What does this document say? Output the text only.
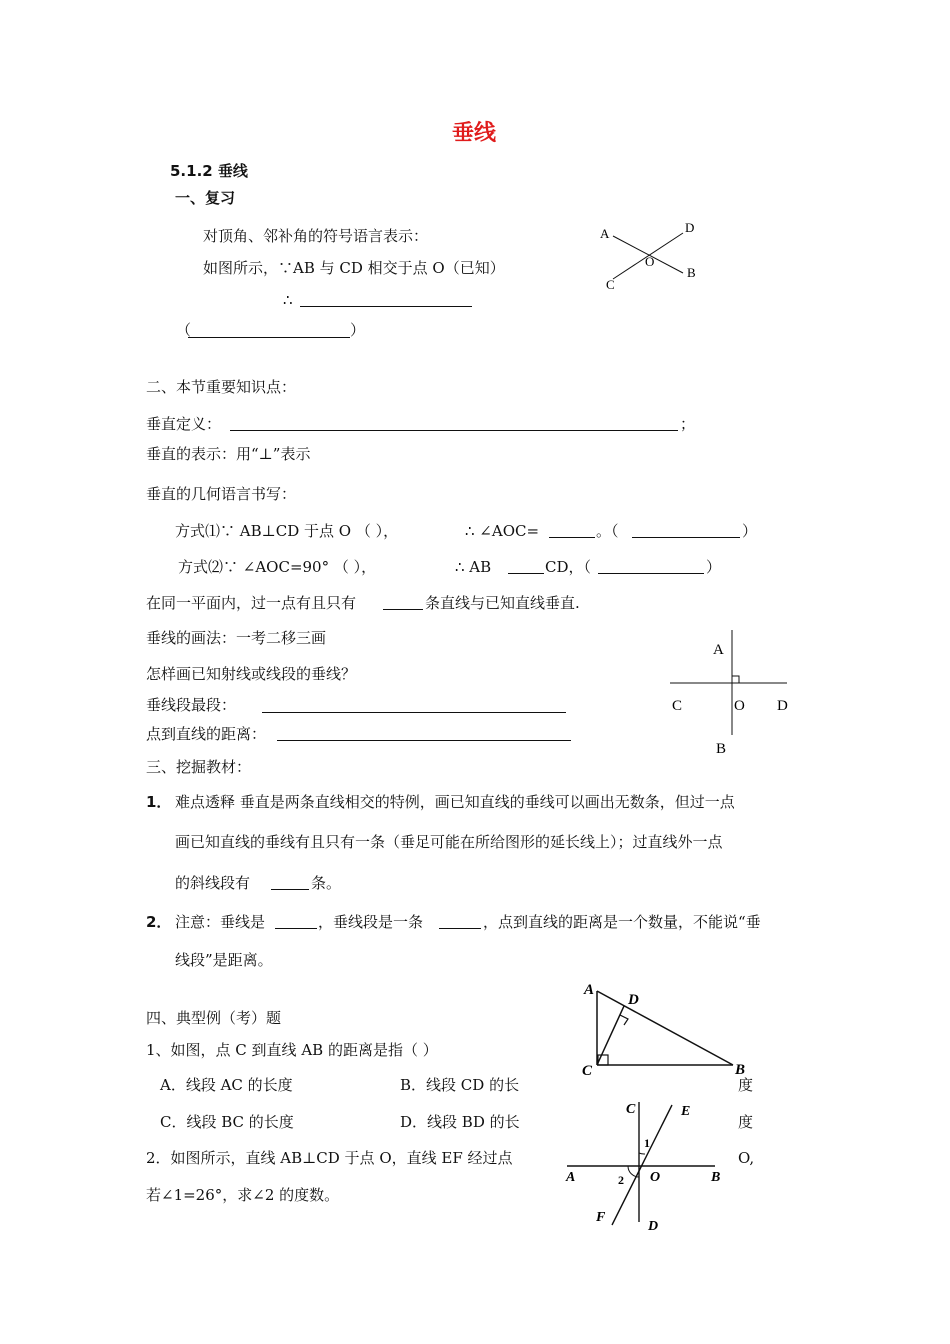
垂线
5.1.2 垂线
一、复习
对顶角、邻补角的符号语言表示：
如图所示，∵AB 与 CD 相交于点 O（已知）
∴
（	）
A	D
O
C
B
二、本节重要知识点：
垂直定义：	；
垂直的表示：用“⊥”表示
垂直的几何语言书写：
方式⑴∵ AB⊥CD 于点 O （ ），	∴ ∠AOC=	。（	）
方式⑵∵ ∠AOC=90° （ ），	∴ AB	CD，（	）
在同一平面内，过一点有且只有	条直线与已知直线垂直.
垂线的画法：一考二移三画
怎样画已知射线或线段的垂线？
垂线段最段：
点到直线的距离：
A
C	O D
B
三、挖掘教材：
1． 难点透释 垂直是两条直线相交的特例，画已知直线的垂线可以画出无数条，但过一点
画已知直线的垂线有且只有一条（垂足可能在所给图形的延长线上）；过直线外一点
的斜线段有	条。
2． 注意：垂线是	，垂线段是一条	，点到直线的距离是一个数量，不能说“垂
线段”是距离。
四、典型例（考）题
1、如图，点 C 到直线 AB 的距离是指（ ）
A．线段 AC 的长度	B．线段 CD 的长	度
C．线段 BC 的长度	D．线段 BD 的长	度
2．如图所示，直线 AB⊥CD 于点 O，直线 EF 经过点	O,
若∠1=26°，求∠2 的度数。
A
D
C	B
C	E
1
A	2 O	B
F
D
